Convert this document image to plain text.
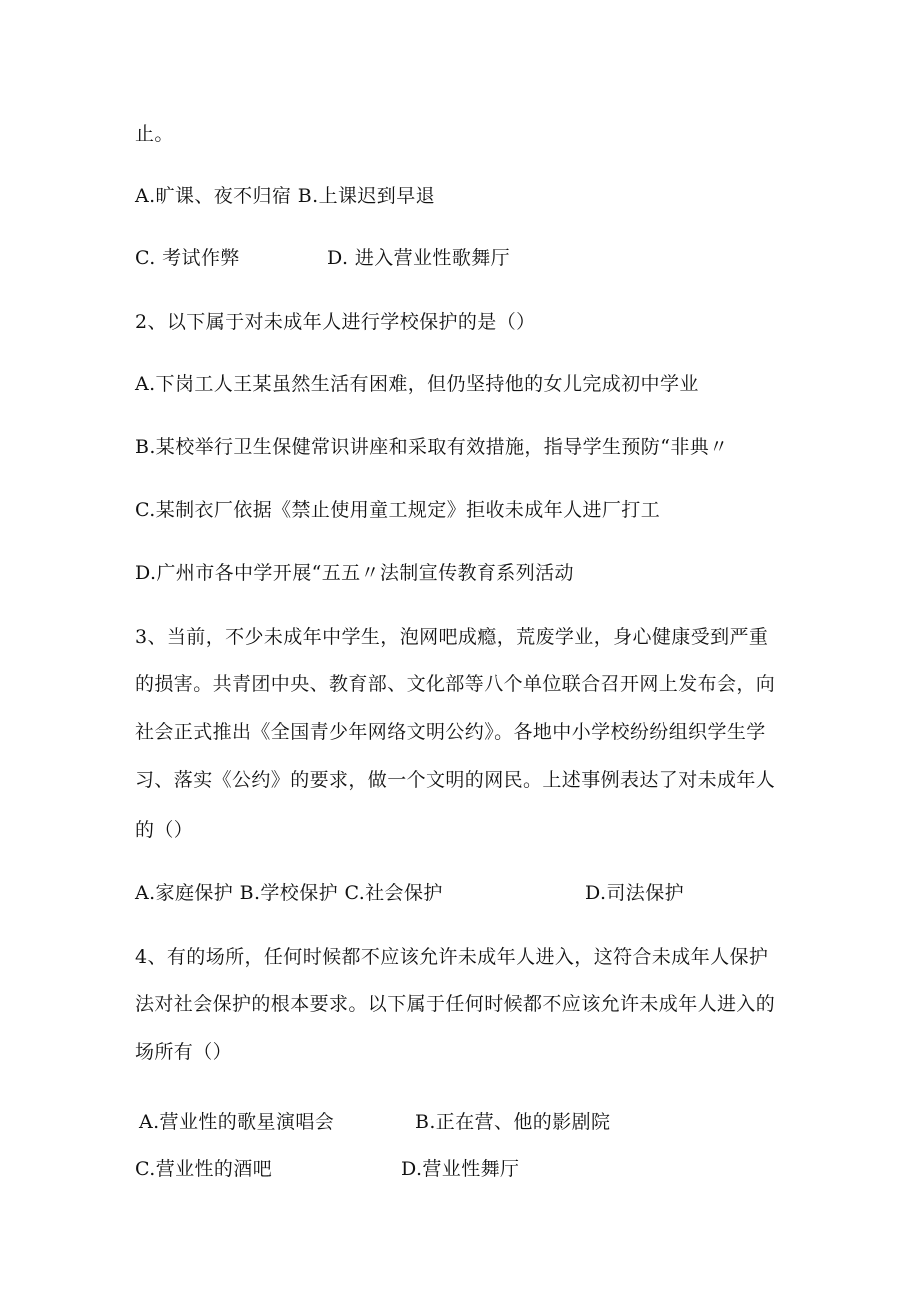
止。
A.旷课、夜不归宿 B.上课迟到早退
C. 考试作弊	D. 进入营业性歌舞厅
2、以下属于对未成年人进行学校保护的是（）
A.下岗工人王某虽然生活有困难，但仍坚持他的女儿完成初中学业
B.某校举行卫生保健常识讲座和采取有效措施，指导学生预防“非典〃
C.某制衣厂依据《禁止使用童工规定》拒收未成年人进厂打工
D.广州市各中学开展“五五〃法制宣传教育系列活动
3、当前，不少未成年中学生，泡网吧成瘾，荒废学业，身心健康受到严重
的损害。共青团中央、教育部、文化部等八个单位联合召开网上发布会，向
社会正式推出《全国青少年网络文明公约》。各地中小学校纷纷组织学生学
习、落实《公约》的要求，做一个文明的网民。上述事例表达了对未成年人
的（）
A.家庭保护 B.学校保护 C.社会保护	D.司法保护
4、有的场所，任何时候都不应该允许未成年人进入，这符合未成年人保护
法对社会保护的根本要求。以下属于任何时候都不应该允许未成年人进入的
场所有（）
A.营业性的歌星演唱会	B.正在营、他的影剧院
C.营业性的酒吧	D.营业性舞厅
